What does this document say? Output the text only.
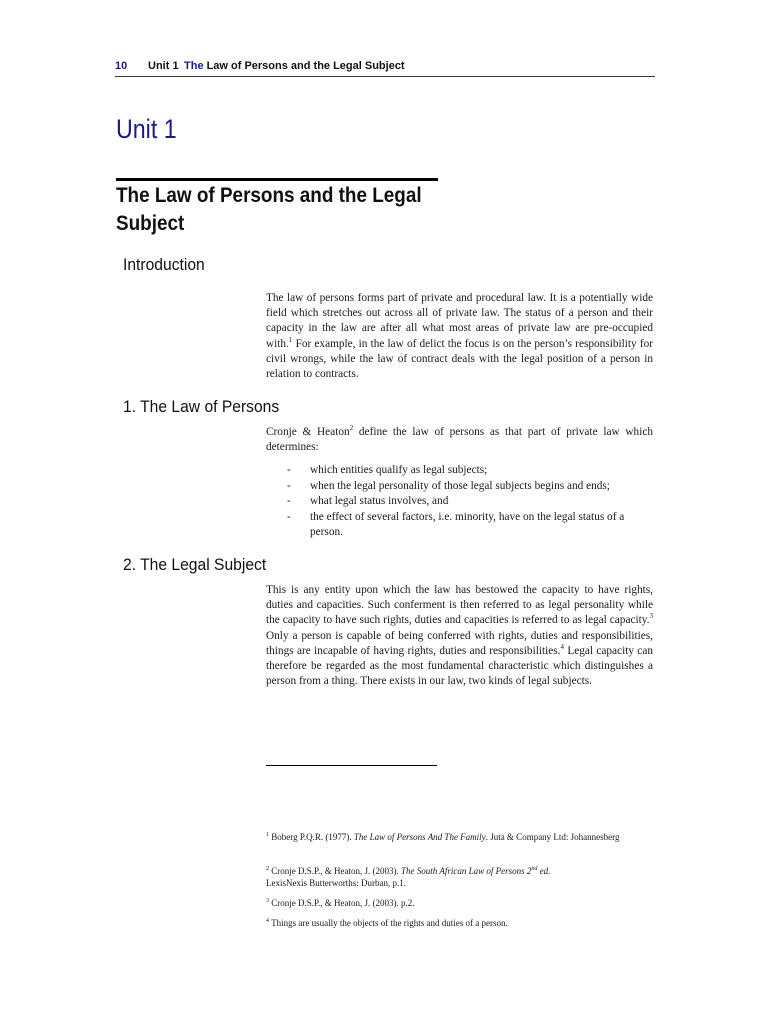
10 Unit 1 The Law of Persons and the Legal Subject
Unit 1
The Law of Persons and the Legal Subject
Introduction
The law of persons forms part of private and procedural law. It is a potentially wide field which stretches out across all of private law. The status of a person and their capacity in the law are after all what most areas of private law are pre-occupied with.$^1$ For example, in the law of delict the focus is on the person’s responsibility for civil wrongs, while the law of contract deals with the legal position of a person in relation to contracts.
1. The Law of Persons
Cronje & Heaton$^2$ define the law of persons as that part of private law which determines:
- which entities qualify as legal subjects;
- when the legal personality of those legal subjects begins and ends;
- what legal status involves, and
- the effect of several factors, i.e. minority, have on the legal status of a person.
2. The Legal Subject
This is any entity upon which the law has bestowed the capacity to have rights, duties and capacities. Such conferment is then referred to as legal personality while the capacity to have such rights, duties and capacities is referred to as legal capacity.$^3$ Only a person is capable of being conferred with rights, duties and responsibilities, things are incapable of having rights, duties and responsibilities.$^4$ Legal capacity can therefore be regarded as the most fundamental characteristic which distinguishes a person from a thing. There exists in our law, two kinds of legal subjects.
$^1$ Boberg P.Q.R. (1977). The Law of Persons And The Family. Juta & Company Ltd: Johannesberg
$^2$ Cronje D.S.P., & Heaton, J. (2003). The South African Law of Persons 2nd ed.
LexisNexis Butterworths: Durban, p.1.
$^3$ Cronje D.S.P., & Heaton, J. (2003). p.2.
$^4$ Things are usually the objects of the rights and duties of a person.
